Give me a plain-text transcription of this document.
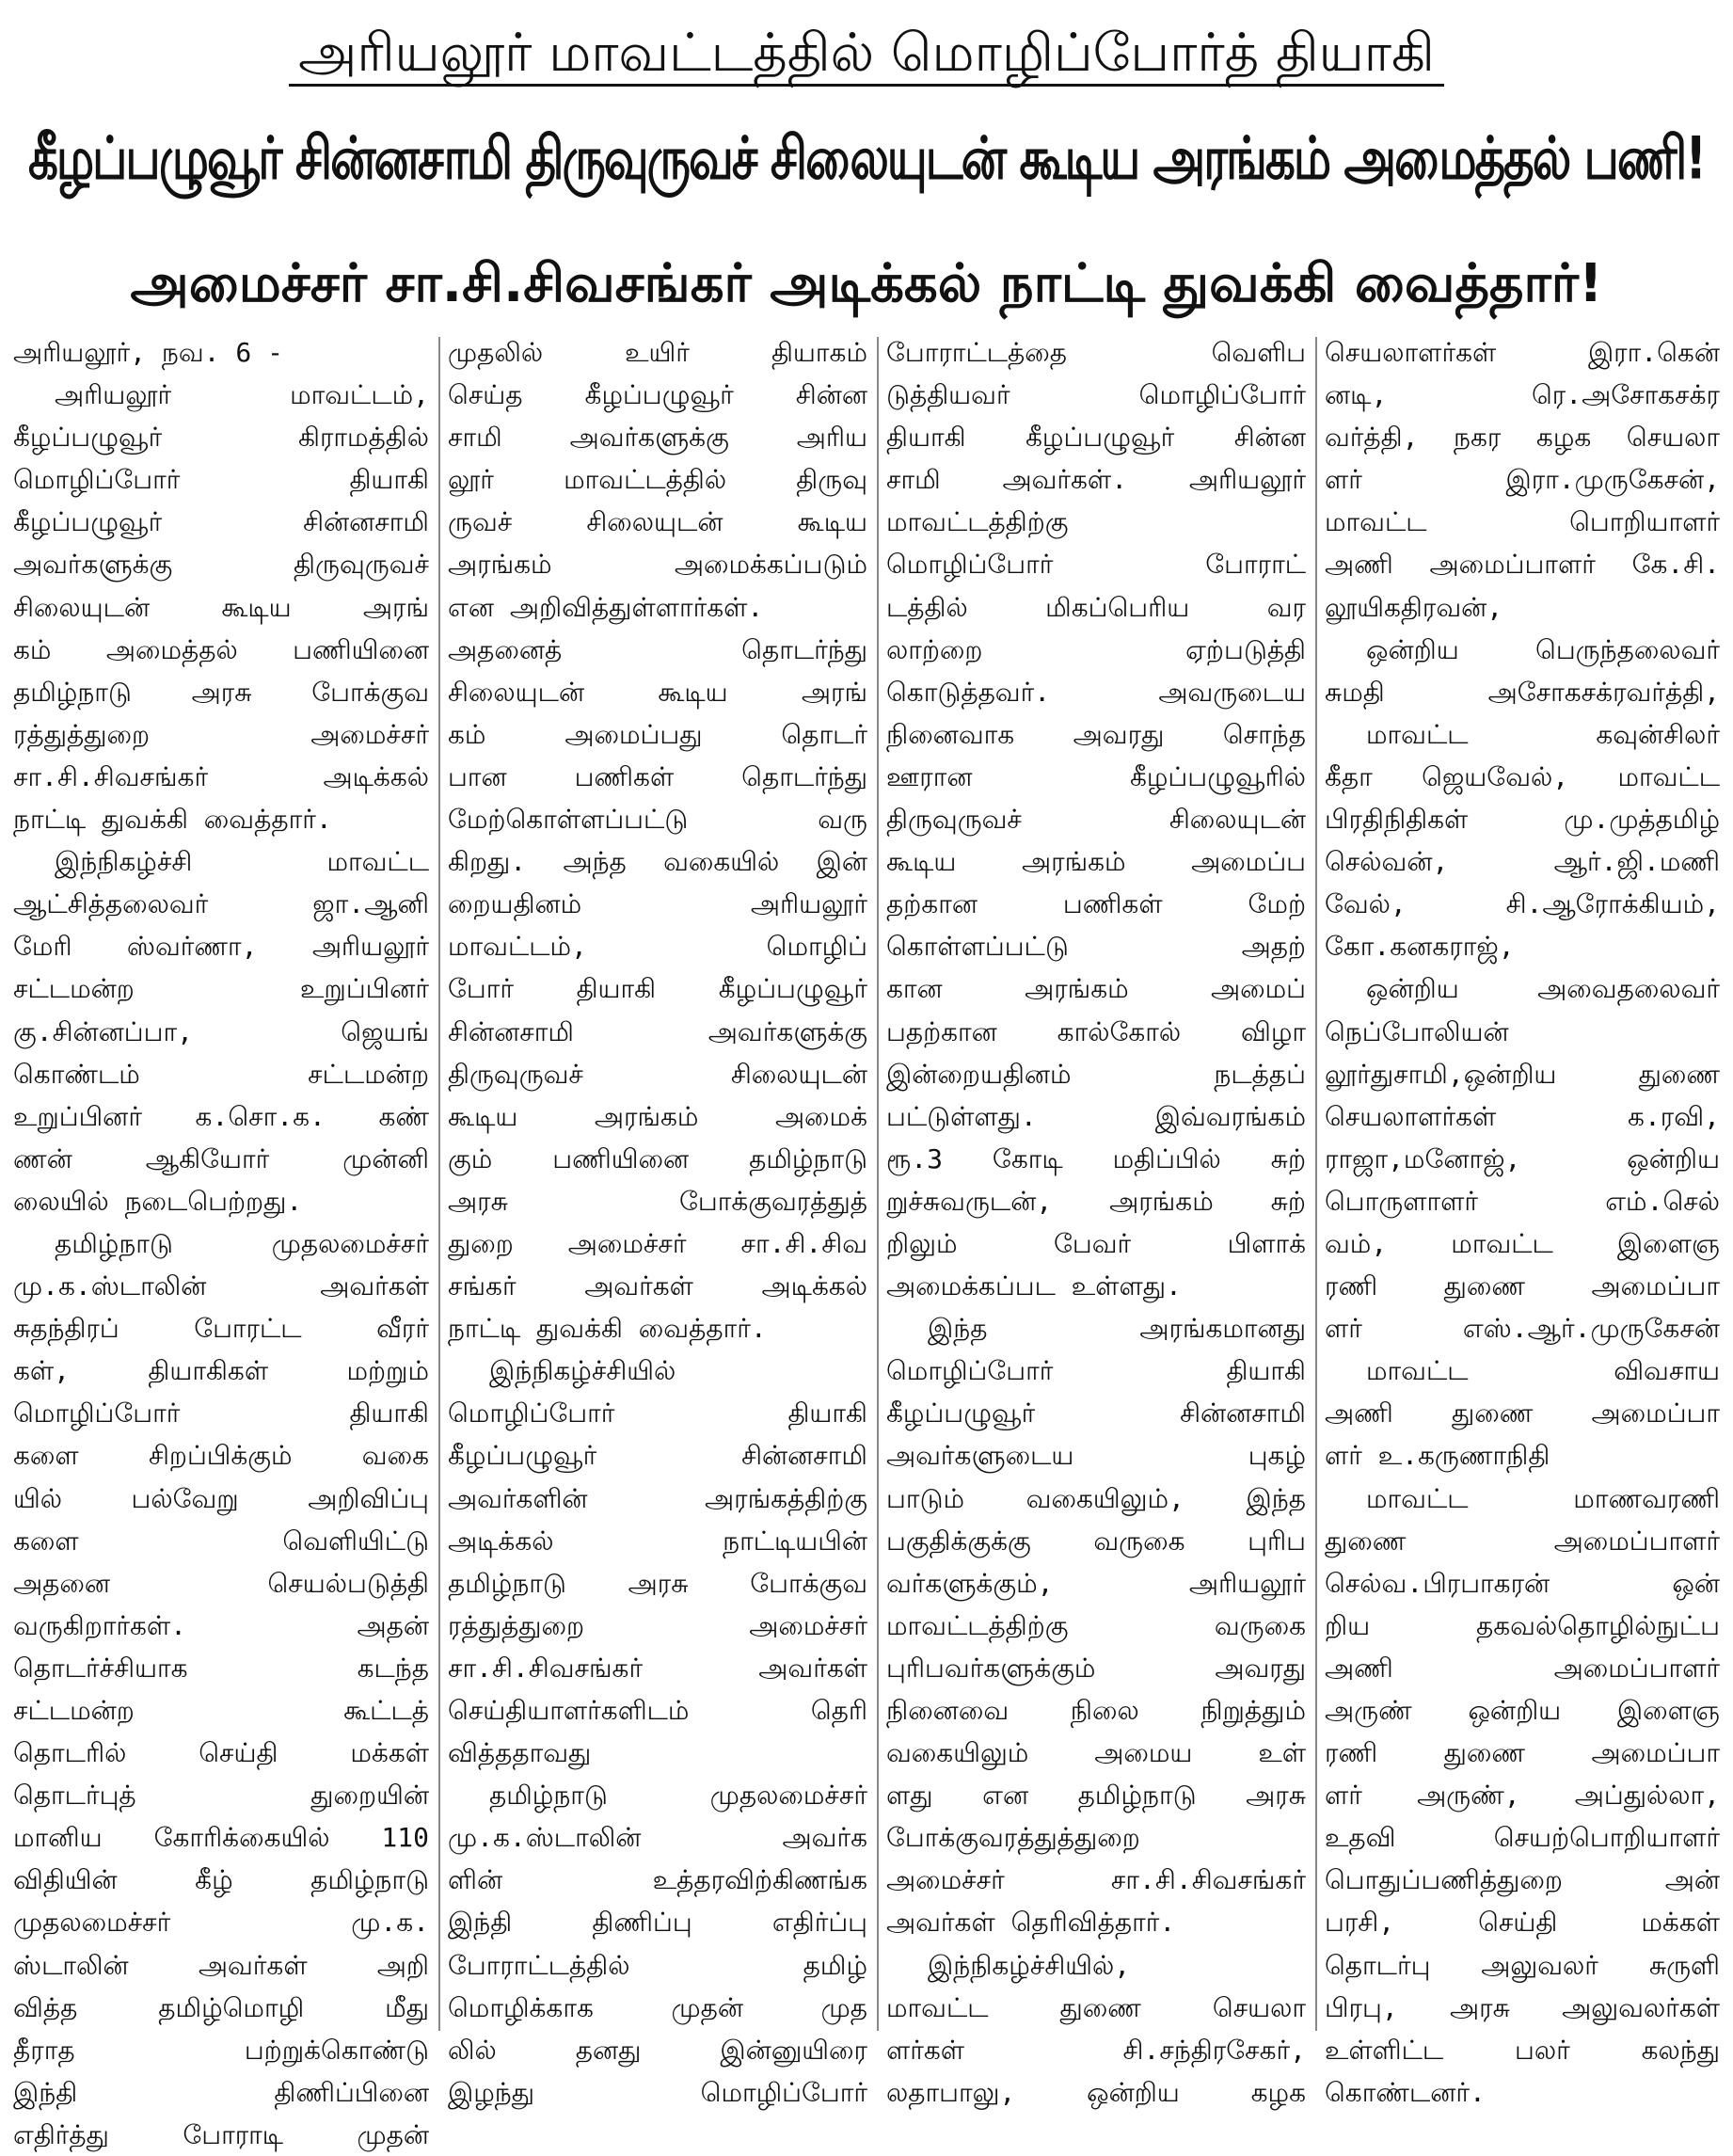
அரியலூர் மாவட்டத்தில் மொழிப்போர்த் தியாகி
கீழப்பழுவூர் சின்னசாமி திருவுருவச் சிலையுடன் கூடிய அரங்கம் அமைத்தல் பணி!
அமைச்சர் சா.சி.சிவசங்கர் அடிக்கல் நாட்டி துவக்கி வைத்தார்!

அரியலூர், நவ. 6 -

அரியலூர் மாவட்டம்,

கீழப்பழுவூர் கிராமத்தில்

மொழிப்போர் தியாகி

கீழப்பழுவூர் சின்னசாமி

அவர்களுக்கு திருவுருவச்

சிலையுடன் கூடிய அரங்

கம் அமைத்தல் பணியினை

தமிழ்நாடு அரசு போக்குவ

ரத்துத்துறை அமைச்சர்

சா.சி.சிவசங்கர் அடிக்கல்

நாட்டி துவக்கி வைத்தார்.

இந்நிகழ்ச்சி மாவட்ட

ஆட்சித்தலைவர் ஜா.ஆனி

மேரி ஸ்வர்ணா, அரியலூர்

சட்டமன்ற உறுப்பினர்

கு.சின்னப்பா, ஜெயங்

கொண்டம் சட்டமன்ற

உறுப்பினர் க.சொ.க. கண்

ணன் ஆகியோர் முன்னி

லையில் நடைபெற்றது.

தமிழ்நாடு முதலமைச்சர்

மு.க.ஸ்டாலின் அவர்கள்

சுதந்திரப் போரட்ட வீரர்

கள், தியாகிகள் மற்றும்

மொழிப்போர் தியாகி

களை சிறப்பிக்கும் வகை

யில் பல்வேறு அறிவிப்பு

களை வெளியிட்டு

அதனை செயல்படுத்தி

வருகிறார்கள். அதன்

தொடர்ச்சியாக கடந்த

சட்டமன்ற கூட்டத்

தொடரில் செய்தி மக்கள்

தொடர்புத் துறையின்

மானிய கோரிக்கையில் 110

விதியின் கீழ் தமிழ்நாடு

முதலமைச்சர் மு.க.

ஸ்டாலின் அவர்கள் அறி

வித்த தமிழ்மொழி மீது

தீராத பற்றுக்கொண்டு

இந்தி திணிப்பினை

எதிர்த்து போராடி முதன்

முதலில் உயிர் தியாகம்

செய்த கீழப்பழுவூர் சின்ன

சாமி அவர்களுக்கு அரிய

லூர் மாவட்டத்தில் திருவு

ருவச் சிலையுடன் கூடிய

அரங்கம் அமைக்கப்படும்

என அறிவித்துள்ளார்கள்.

அதனைத் தொடர்ந்து

சிலையுடன் கூடிய அரங்

கம் அமைப்பது தொடர்

பான பணிகள் தொடர்ந்து

மேற்கொள்ளப்பட்டு வரு

கிறது. அந்த வகையில் இன்

றையதினம் அரியலூர்

மாவட்டம், மொழிப்

போர் தியாகி கீழப்பழுவூர்

சின்னசாமி அவர்களுக்கு

திருவுருவச் சிலையுடன்

கூடிய அரங்கம் அமைக்

கும் பணியினை தமிழ்நாடு

அரசு போக்குவரத்துத்

துறை அமைச்சர் சா.சி.சிவ

சங்கர் அவர்கள் அடிக்கல்

நாட்டி துவக்கி வைத்தார்.

இந்நிகழ்ச்சியில்

மொழிப்போர் தியாகி

கீழப்பழுவூர் சின்னசாமி

அவர்களின் அரங்கத்திற்கு

அடிக்கல் நாட்டியபின்

தமிழ்நாடு அரசு போக்குவ

ரத்துத்துறை அமைச்சர்

சா.சி.சிவசங்கர் அவர்கள்

செய்தியாளர்களிடம் தெரி

வித்ததாவது

தமிழ்நாடு முதலமைச்சர்

மு.க.ஸ்டாலின் அவர்க

ளின் உத்தரவிற்கிணங்க

இந்தி திணிப்பு எதிர்ப்பு

போராட்டத்தில் தமிழ்

மொழிக்காக முதன் முத

லில் தனது இன்னுயிரை

இழந்து மொழிப்போர்

போராட்டத்தை வெளிப

டுத்தியவர் மொழிப்போர்

தியாகி கீழப்பழுவூர் சின்ன

சாமி அவர்கள். அரியலூர்

மாவட்டத்திற்கு

மொழிப்போர் போராட்

டத்தில் மிகப்பெரிய வர

லாற்றை ஏற்படுத்தி

கொடுத்தவர். அவருடைய

நினைவாக அவரது சொந்த

ஊரான கீழப்பழுவூரில்

திருவுருவச் சிலையுடன்

கூடிய அரங்கம் அமைப்ப

தற்கான பணிகள் மேற்

கொள்ளப்பட்டு அதற்

கான அரங்கம் அமைப்

பதற்கான கால்கோல் விழா

இன்றையதினம் நடத்தப்

பட்டுள்ளது. இவ்வரங்கம்

ரூ.3 கோடி மதிப்பில் சுற்

றுச்சுவருடன், அரங்கம் சுற்

றிலும் பேவர் பிளாக்

அமைக்கப்பட உள்ளது.

இந்த அரங்கமானது

மொழிப்போர் தியாகி

கீழப்பழுவூர் சின்னசாமி

அவர்களுடைய புகழ்

பாடும் வகையிலும், இந்த

பகுதிக்குக்கு வருகை புரிப

வர்களுக்கும், அரியலூர்

மாவட்டத்திற்கு வருகை

புரிபவர்களுக்கும் அவரது

நினைவை நிலை நிறுத்தும்

வகையிலும் அமைய உள்

ளது என தமிழ்நாடு அரசு

போக்குவரத்துத்துறை

அமைச்சர் சா.சி.சிவசங்கர்

அவர்கள் தெரிவித்தார்.

இந்நிகழ்ச்சியில்,

மாவட்ட துணை செயலா

ளர்கள் சி.சந்திரசேகர்,

லதாபாலு, ஒன்றிய கழக

செயலாளர்கள் இரா.கென்

னடி, ரெ.அசோகசக்ர

வர்த்தி, நகர கழக செயலா

ளர் இரா.முருகேசன்,

மாவட்ட பொறியாளர்

அணி அமைப்பாளர் கே.சி.

லூயிகதிரவன்,

ஒன்றிய பெருந்தலைவர்

சுமதி அசோகசக்ரவர்த்தி,

மாவட்ட கவுன்சிலர்

கீதா ஜெயவேல், மாவட்ட

பிரதிநிதிகள் மு.முத்தமிழ்

செல்வன், ஆர்.ஜி.மணி

வேல், சி.ஆரோக்கியம்,

கோ.கனகராஜ்,

ஒன்றிய அவைதலைவர்

நெப்போலியன்

லூர்துசாமி,ஒன்றிய துணை

செயலாளர்கள் க.ரவி,

ராஜா,மனோஜ், ஒன்றிய

பொருளாளர் எம்.செல்

வம், மாவட்ட இளைஞ

ரணி துணை அமைப்பா

ளர் எஸ்.ஆர்.முருகேசன்

மாவட்ட விவசாய

அணி துணை அமைப்பா

ளர் உ.கருணாநிதி

மாவட்ட மாணவரணி

துணை அமைப்பாளர்

செல்வ.பிரபாகரன் ஒன்

றிய தகவல்தொழில்நுட்ப

அணி அமைப்பாளர்

அருண் ஒன்றிய இளைஞ

ரணி துணை அமைப்பா

ளர் அருண், அப்துல்லா,

உதவி செயற்பொறியாளர்

பொதுப்பணித்துறை அன்

பரசி, செய்தி மக்கள்

தொடர்பு அலுவலர் சுருளி

பிரபு, அரசு அலுவலர்கள்

உள்ளிட்ட பலர் கலந்து

கொண்டனர்.
